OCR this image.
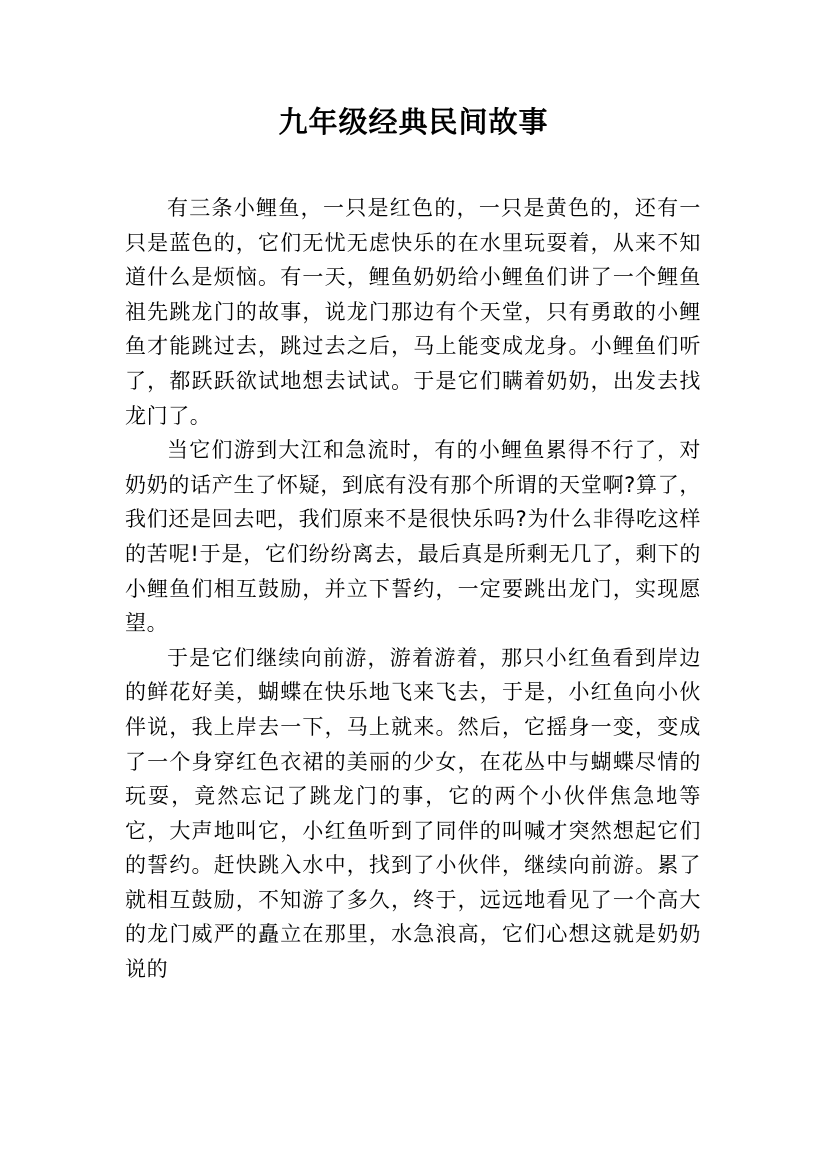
九年级经典民间故事

有三条小鲤鱼，一只是红色的，一只是黄色的，还有一只是蓝色的，它们无忧无虑快乐的在水里玩耍着，从来不知道什么是烦恼。有一天，鲤鱼奶奶给小鲤鱼们讲了一个鲤鱼祖先跳龙门的故事，说龙门那边有个天堂，只有勇敢的小鲤鱼才能跳过去，跳过去之后，马上能变成龙身。小鲤鱼们听了，都跃跃欲试地想去试试。于是它们瞒着奶奶，出发去找龙门了。

当它们游到大江和急流时，有的小鲤鱼累得不行了，对奶奶的话产生了怀疑，到底有没有那个所谓的天堂啊?算了，我们还是回去吧，我们原来不是很快乐吗?为什么非得吃这样的苦呢!于是，它们纷纷离去，最后真是所剩无几了，剩下的小鲤鱼们相互鼓励，并立下誓约，一定要跳出龙门，实现愿望。

于是它们继续向前游，游着游着，那只小红鱼看到岸边的鲜花好美，蝴蝶在快乐地飞来飞去，于是，小红鱼向小伙伴说，我上岸去一下，马上就来。然后，它摇身一变，变成了一个身穿红色衣裙的美丽的少女，在花丛中与蝴蝶尽情的玩耍，竟然忘记了跳龙门的事，它的两个小伙伴焦急地等它，大声地叫它，小红鱼听到了同伴的叫喊才突然想起它们的誓约。赶快跳入水中，找到了小伙伴，继续向前游。累了就相互鼓励，不知游了多久，终于，远远地看见了一个高大的龙门威严的矗立在那里，水急浪高，它们心想这就是奶奶说的
